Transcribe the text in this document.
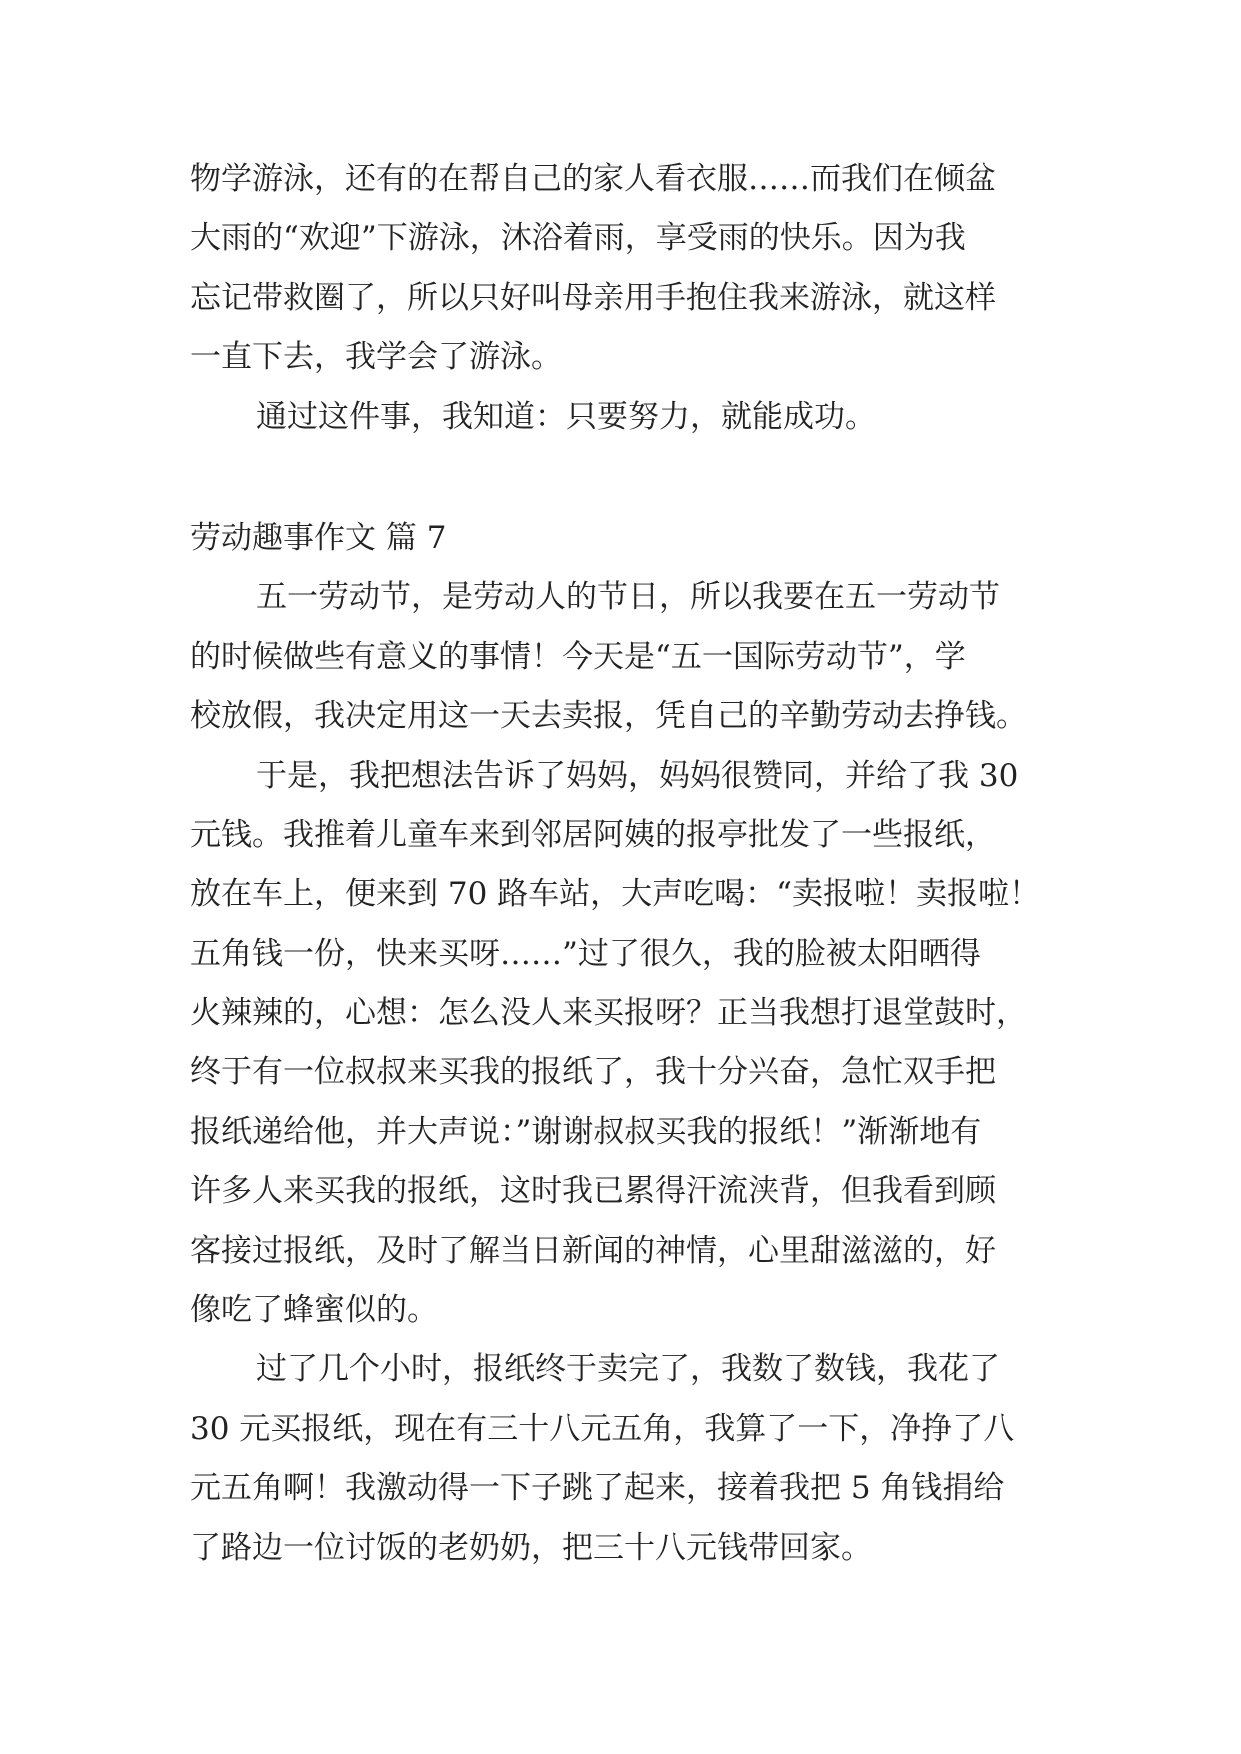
物学游泳，还有的在帮自己的家人看衣服……而我们在倾盆
大雨的“欢迎”下游泳，沐浴着雨，享受雨的快乐。因为我
忘记带救圈了，所以只好叫母亲用手抱住我来游泳，就这样
一直下去，我学会了游泳。
通过这件事，我知道：只要努力，就能成功。
劳动趣事作文 篇 7
五一劳动节，是劳动人的节日，所以我要在五一劳动节
的时候做些有意义的事情！今天是“五一国际劳动节”，学
校放假，我决定用这一天去卖报，凭自己的辛勤劳动去挣钱。
于是，我把想法告诉了妈妈，妈妈很赞同，并给了我 30
元钱。我推着儿童车来到邻居阿姨的报亭批发了一些报纸，
放在车上，便来到 70 路车站，大声吃喝：“卖报啦！卖报啦！
五角钱一份，快来买呀……”过了很久，我的脸被太阳晒得
火辣辣的，心想：怎么没人来买报呀？正当我想打退堂鼓时，
终于有一位叔叔来买我的报纸了，我十分兴奋，急忙双手把
报纸递给他，并大声说：”谢谢叔叔买我的报纸！”渐渐地有
许多人来买我的报纸，这时我已累得汗流浃背，但我看到顾
客接过报纸，及时了解当日新闻的神情，心里甜滋滋的，好
像吃了蜂蜜似的。
过了几个小时，报纸终于卖完了，我数了数钱，我花了
30 元买报纸，现在有三十八元五角，我算了一下，净挣了八
元五角啊！我激动得一下子跳了起来，接着我把 5 角钱捐给
了路边一位讨饭的老奶奶，把三十八元钱带回家。
